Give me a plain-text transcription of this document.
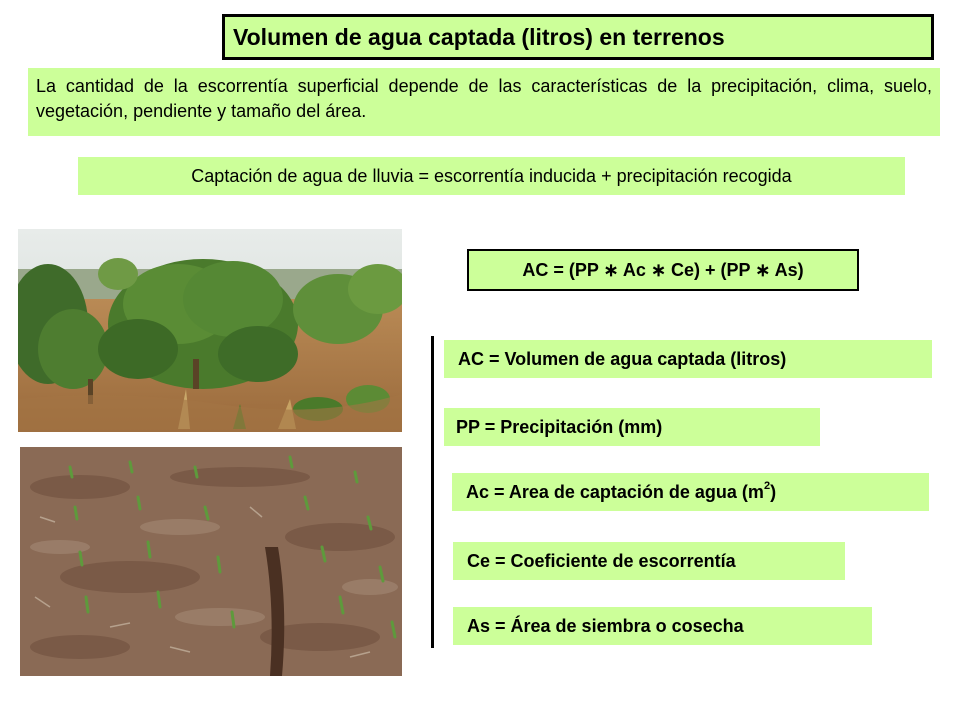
Volumen de agua captada (litros) en terrenos
La cantidad de la escorrentía superficial depende de las características de la precipitación, clima, suelo, vegetación, pendiente y tamaño del área.
Captación de agua de lluvia = escorrentía inducida + precipitación recogida
AC = (PP ∗ Ac ∗ Ce) + (PP ∗ As)
AC = Volumen de agua captada (litros)
PP = Precipitación (mm)
Ac = Area de captación de agua $(m^2)$
Ce = Coeficiente de escorrentía
As = Área de siembra o cosecha
